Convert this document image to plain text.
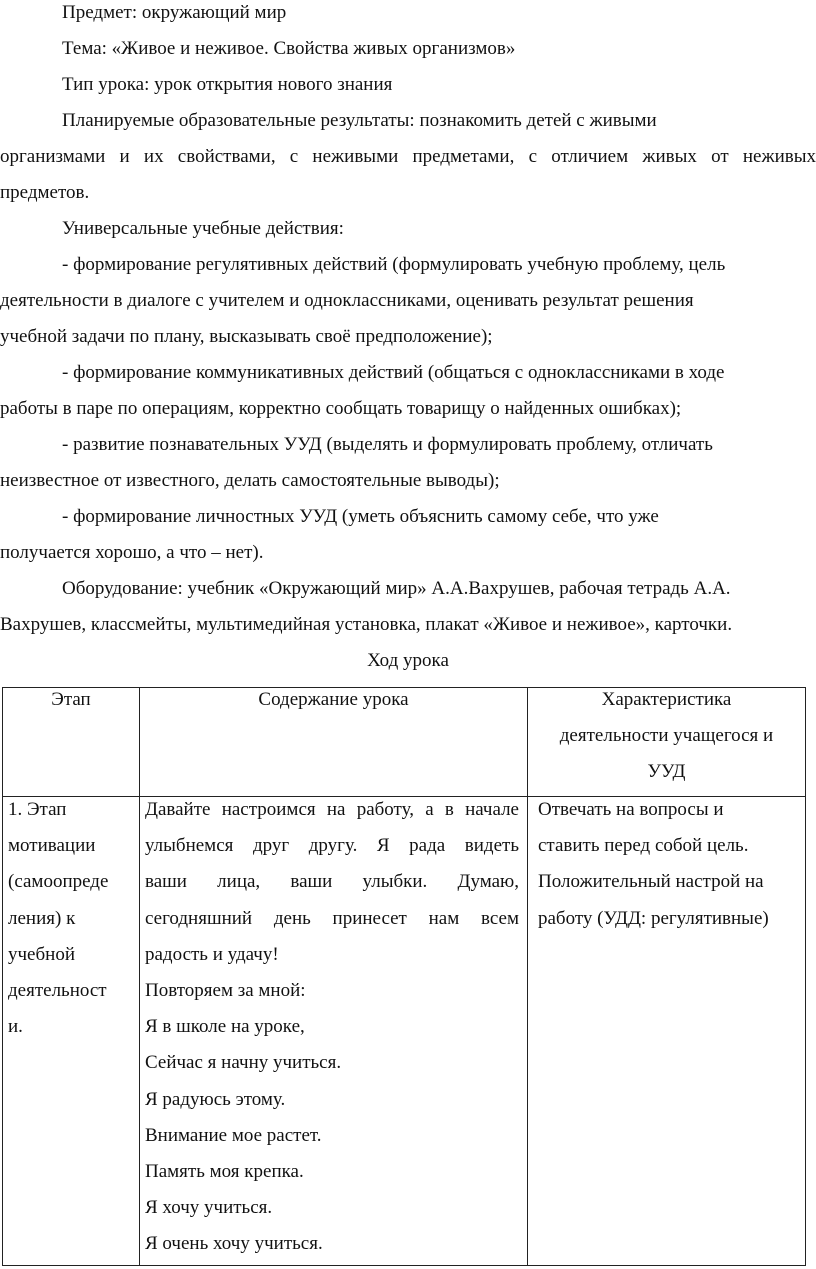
Предмет: окружающий мир
Тема: «Живое и неживое. Свойства живых организмов»
Тип урока: урок открытия нового знания
Планируемые образовательные результаты: познакомить детей с живыми
организмами и их свойствами, с неживыми предметами, с отличием живых от неживых
предметов.
Универсальные учебные действия:
- формирование регулятивных действий (формулировать учебную проблему, цель
деятельности в диалоге с учителем и одноклассниками, оценивать результат решения
учебной задачи по плану, высказывать своё предположение);
- формирование коммуникативных действий (общаться с одноклассниками в ходе
работы в паре по операциям, корректно сообщать товарищу о найденных ошибках);
- развитие познавательных УУД (выделять и формулировать проблему, отличать
неизвестное от известного, делать самостоятельные выводы);
- формирование личностных УУД (уметь объяснить самому себе, что уже
получается хорошо, а что – нет).
Оборудование: учебник «Окружающий мир» А.А.Вахрушев, рабочая тетрадь А.А.
Вахрушев, классмейты, мультимедийная установка, плакат «Живое и неживое», карточки.
Ход урока
Этап	Содержание урока	Характеристика
деятельности учащегося и
УУД
1. Этап
мотивации
(самоопреде
ления) к
учебной
деятельност
и.
Давайте настроимся на работу, а в начале
улыбнемся друг другу. Я рада видеть
ваши лица, ваши улыбки. Думаю,
сегодняшний день принесет нам всем
радость и удачу!
Повторяем за мной:
Я в школе на уроке,
Сейчас я начну учиться.
Я радуюсь этому.
Внимание мое растет.
Память моя крепка.
Я хочу учиться.
Я очень хочу учиться.
Отвечать на вопросы и
ставить перед собой цель.
Положительный настрой на
работу (УДД: регулятивные)
